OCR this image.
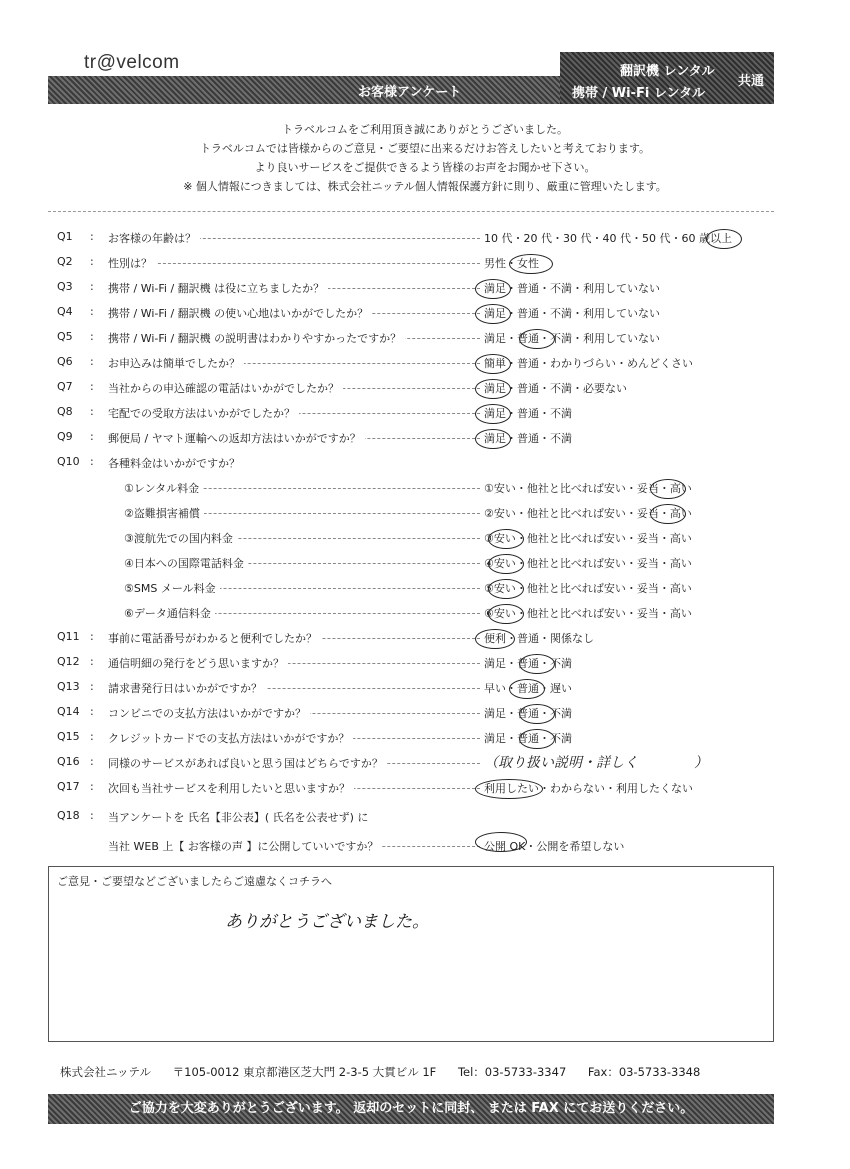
tr@velcom
お客様アンケート
翻訳機 レンタル
携帯 / Wi-Fi レンタル
共通
トラベルコムをご利用頂き誠にありがとうございました。
トラベルコムでは皆様からのご意見・ご要望に出来るだけお答えしたいと考えております。
より良いサービスをご提供できるよう皆様のお声をお聞かせ下さい。
※ 個人情報につきましては、株式会社ニッテル個人情報保護方針に則り、厳重に管理いたします。
Q1 : お客様の年齢は？	10 代・20 代・30 代・40 代・50 代・60 歳以上
Q2 : 性別は？	男性・女性
Q3 : 携帯 / Wi-Fi / 翻訳機 は役に立ちましたか？	満足・普通・不満・利用していない
Q4 : 携帯 / Wi-Fi / 翻訳機 の使い心地はいかがでしたか？	満足・普通・不満・利用していない
Q5 : 携帯 / Wi-Fi / 翻訳機 の説明書はわかりやすかったですか？	満足・普通・不満・利用していない
Q6 : お申込みは簡単でしたか？	簡単・普通・わかりづらい・めんどくさい
Q7 : 当社からの申込確認の電話はいかがでしたか？	満足・普通・不満・必要ない
Q8 : 宅配での受取方法はいかがでしたか？	満足・普通・不満
Q9 : 郵便局 / ヤマト運輸への返却方法はいかがですか？	満足・普通・不満
Q10 : 各種料金はいかがですか？
①レンタル料金	①安い・他社と比べれば安い・妥当・高い
②盗難損害補償	②安い・他社と比べれば安い・妥当・高い
③渡航先での国内料金	③安い・他社と比べれば安い・妥当・高い
④日本への国際電話料金	④安い・他社と比べれば安い・妥当・高い
⑤SMS メール料金	⑤安い・他社と比べれば安い・妥当・高い
⑥データ通信料金	⑥安い・他社と比べれば安い・妥当・高い
Q11 : 事前に電話番号がわかると便利でしたか？	便利・普通・関係なし
Q12 : 通信明細の発行をどう思いますか？	満足・普通・不満
Q13 : 請求書発行日はいかがですか？	早い・普通・遅い
Q14 : コンビニでの支払方法はいかがですか？	満足・普通・不満
Q15 : クレジットカードでの支払方法はいかがですか？	満足・普通・不満
Q16 : 同様のサービスがあれば良いと思う国はどちらですか？	（取り扱い説明・詳しく　　　　）
Q17 : 次回も当社サービスを利用したいと思いますか？	利用したい・わからない・利用したくない
Q18 : 当アンケートを 氏名【非公表】( 氏名を公表せず) に
当社 WEB 上【 お客様の声 】に公開していいですか？	公開 OK・公開を希望しない
ご意見・ご要望などございましたらご遠慮なくコチラへ
ありがとうございました。
株式会社ニッテル 〒105-0012 東京都港区芝大門 2-3-5 大貫ビル 1F Tel：03-5733-3347 Fax：03-5733-3348
ご協力を大変ありがとうございます。 返却のセットに同封、 または FAX にてお送りください。
